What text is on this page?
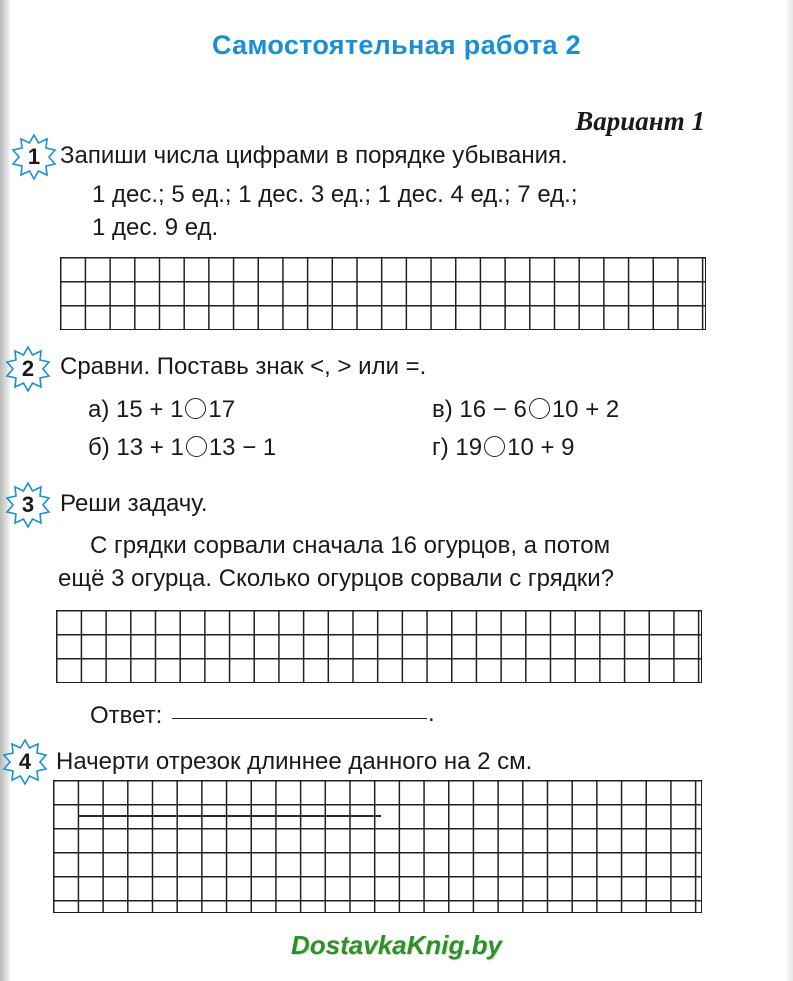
Самостоятельная работа 2
Вариант 1
1 Запиши числа цифрами в порядке убывания.
1 дес.; 5 ед.; 1 дес. 3 ед.; 1 дес. 4 ед.; 7 ед.;
1 дес. 9 ед.
2	Сравни. Поставь знак <, > или =.
а) 15 + 1 17
б) 13 + 1 13 − 1
в) 16 − 6 10 + 2
г) 19 10 + 9
3	Реши задачу.
С грядки сорвали сначала 16 огурцов, а потом
ещё 3 огурца. Сколько огурцов сорвали с грядки?
Ответ:	.
4	Начерти отрезок длиннее данного на 2 см.
DostavkaKnig.by
